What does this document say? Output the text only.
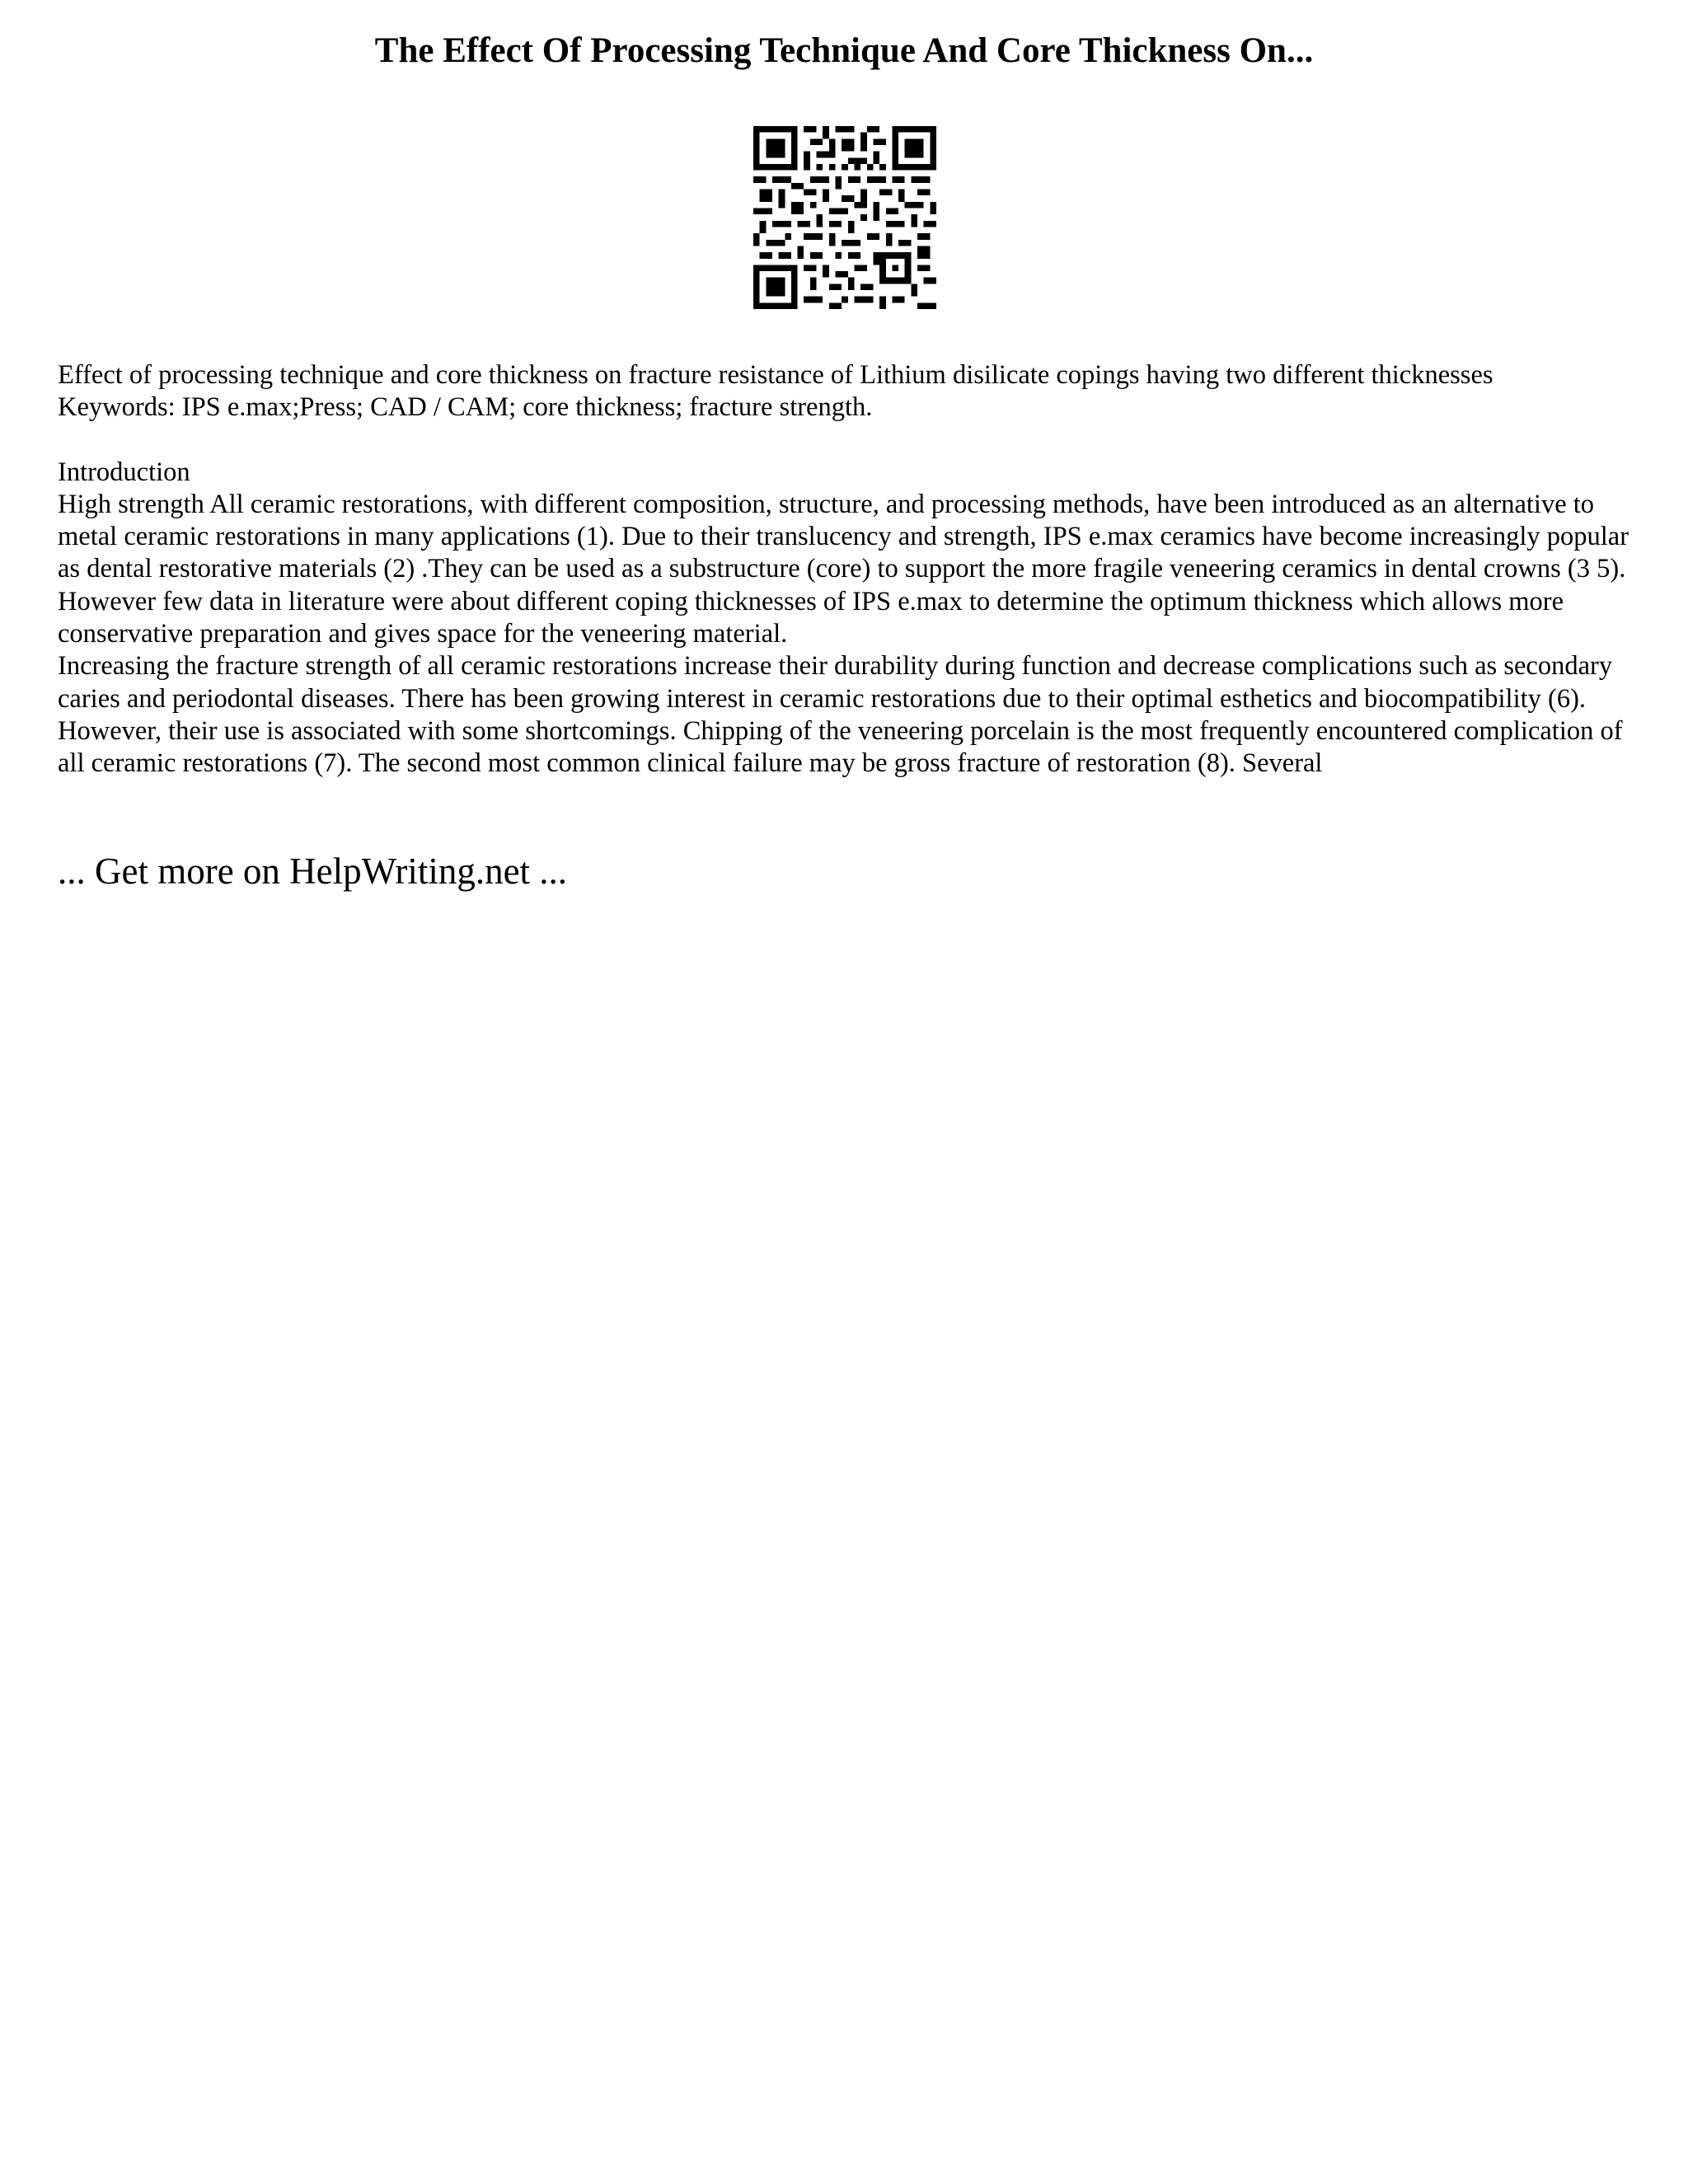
The Effect Of Processing Technique And Core Thickness On...

Effect of processing technique and core thickness on fracture resistance of Lithium disilicate copings having two different thicknesses

Keywords: IPS e.max;Press; CAD / CAM; core thickness; fracture strength.

Introduction

High strength All ceramic restorations, with different composition, structure, and processing methods, have been introduced as an alternative to metal ceramic restorations in many applications (1). Due to their translucency and strength, IPS e.max ceramics have become increasingly popular as dental restorative materials (2) .They can be used as a substructure (core) to support the more fragile veneering ceramics in dental crowns (3 5). However few data in literature were about different coping thicknesses of IPS e.max to determine the optimum thickness which allows more conservative preparation and gives space for the veneering material.

Increasing the fracture strength of all ceramic restorations increase their durability during function and decrease complications such as secondary caries and periodontal diseases. There has been growing interest in ceramic restorations due to their optimal esthetics and biocompatibility (6). However, their use is associated with some shortcomings. Chipping of the veneering porcelain is the most frequently encountered complication of all ceramic restorations (7). The second most common clinical failure may be gross fracture of restoration (8). Several

... Get more on HelpWriting.net ...
